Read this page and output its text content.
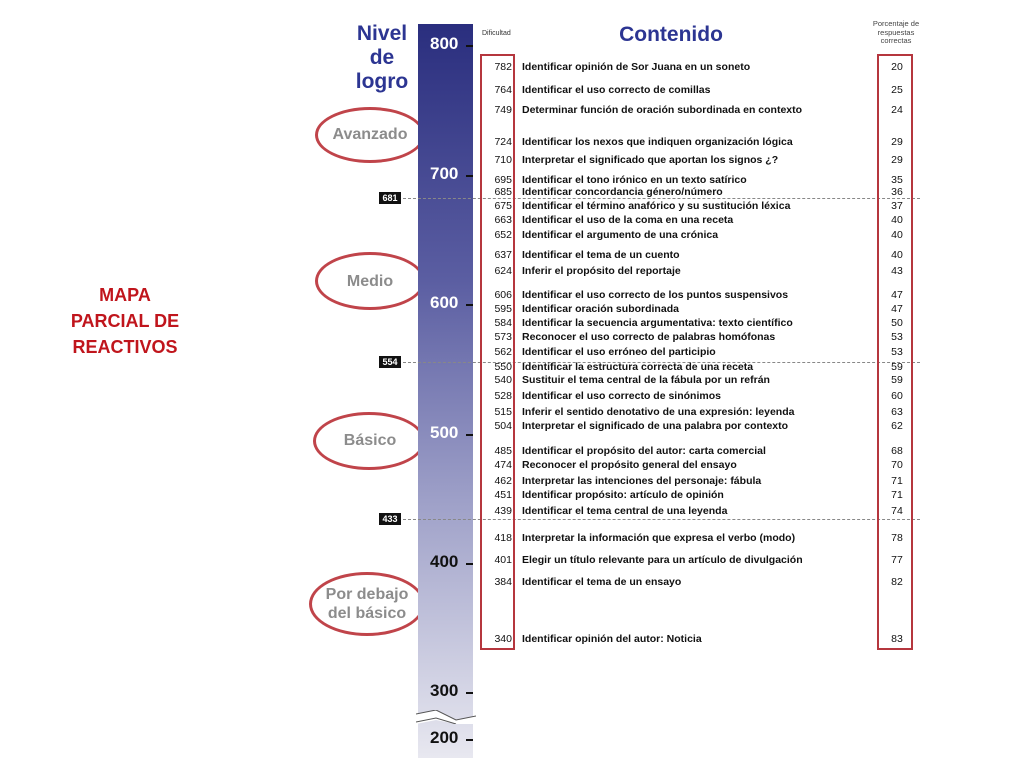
MAPA
PARCIAL DE
REACTIVOS
Nivel
de
logro
Avanzado
Medio
Básico
Por debajo
del básico
800
700
600
500
400
300
200
681
554
433
Dificultad	Contenido	Porcentaje de
respuestas
correctas
782 Identificar opinión de Sor Juana en un soneto	20
764 Identificar el uso correcto de comillas	25
749 Determinar función de oración subordinada en contexto	24
724 Identificar los nexos que indiquen organización lógica	29
710 Interpretar el significado que aportan los signos ¿?	29
695 Identificar el tono irónico en un texto satírico	35
685 Identificar concordancia género/número	36
675 Identificar el término anafórico y su sustitución léxica	37
663 Identificar el uso de la coma en una receta	40
652 Identificar el argumento de una crónica	40
637 Identificar el tema de un cuento	40
624 Inferir el propósito del reportaje	43
606 Identificar el uso correcto de los puntos suspensivos	47
595 Identificar oración subordinada	47
584 Identificar la secuencia argumentativa: texto científico	50
573 Reconocer el uso correcto de palabras homófonas	53
562 Identificar el uso erróneo del participio	53
550 Identificar la estructura correcta de una receta	59
540 Sustituir el tema central de la fábula por un refrán	59
528 Identificar el uso correcto de sinónimos	60
515 Inferir el sentido denotativo de una expresión: leyenda	63
504 Interpretar el significado de una palabra por contexto	62
485 Identificar el propósito del autor: carta comercial	68
474 Reconocer el propósito general del ensayo	70
462 Interpretar las intenciones del personaje: fábula	71
451 Identificar propósito: artículo de opinión	71
439 Identificar el tema central de una leyenda	74
418 Interpretar la información que expresa el verbo (modo)	78
401 Elegir un título relevante para un artículo de divulgación	77
384 Identificar el tema de un ensayo	82
340 Identificar opinión del autor: Noticia	83
